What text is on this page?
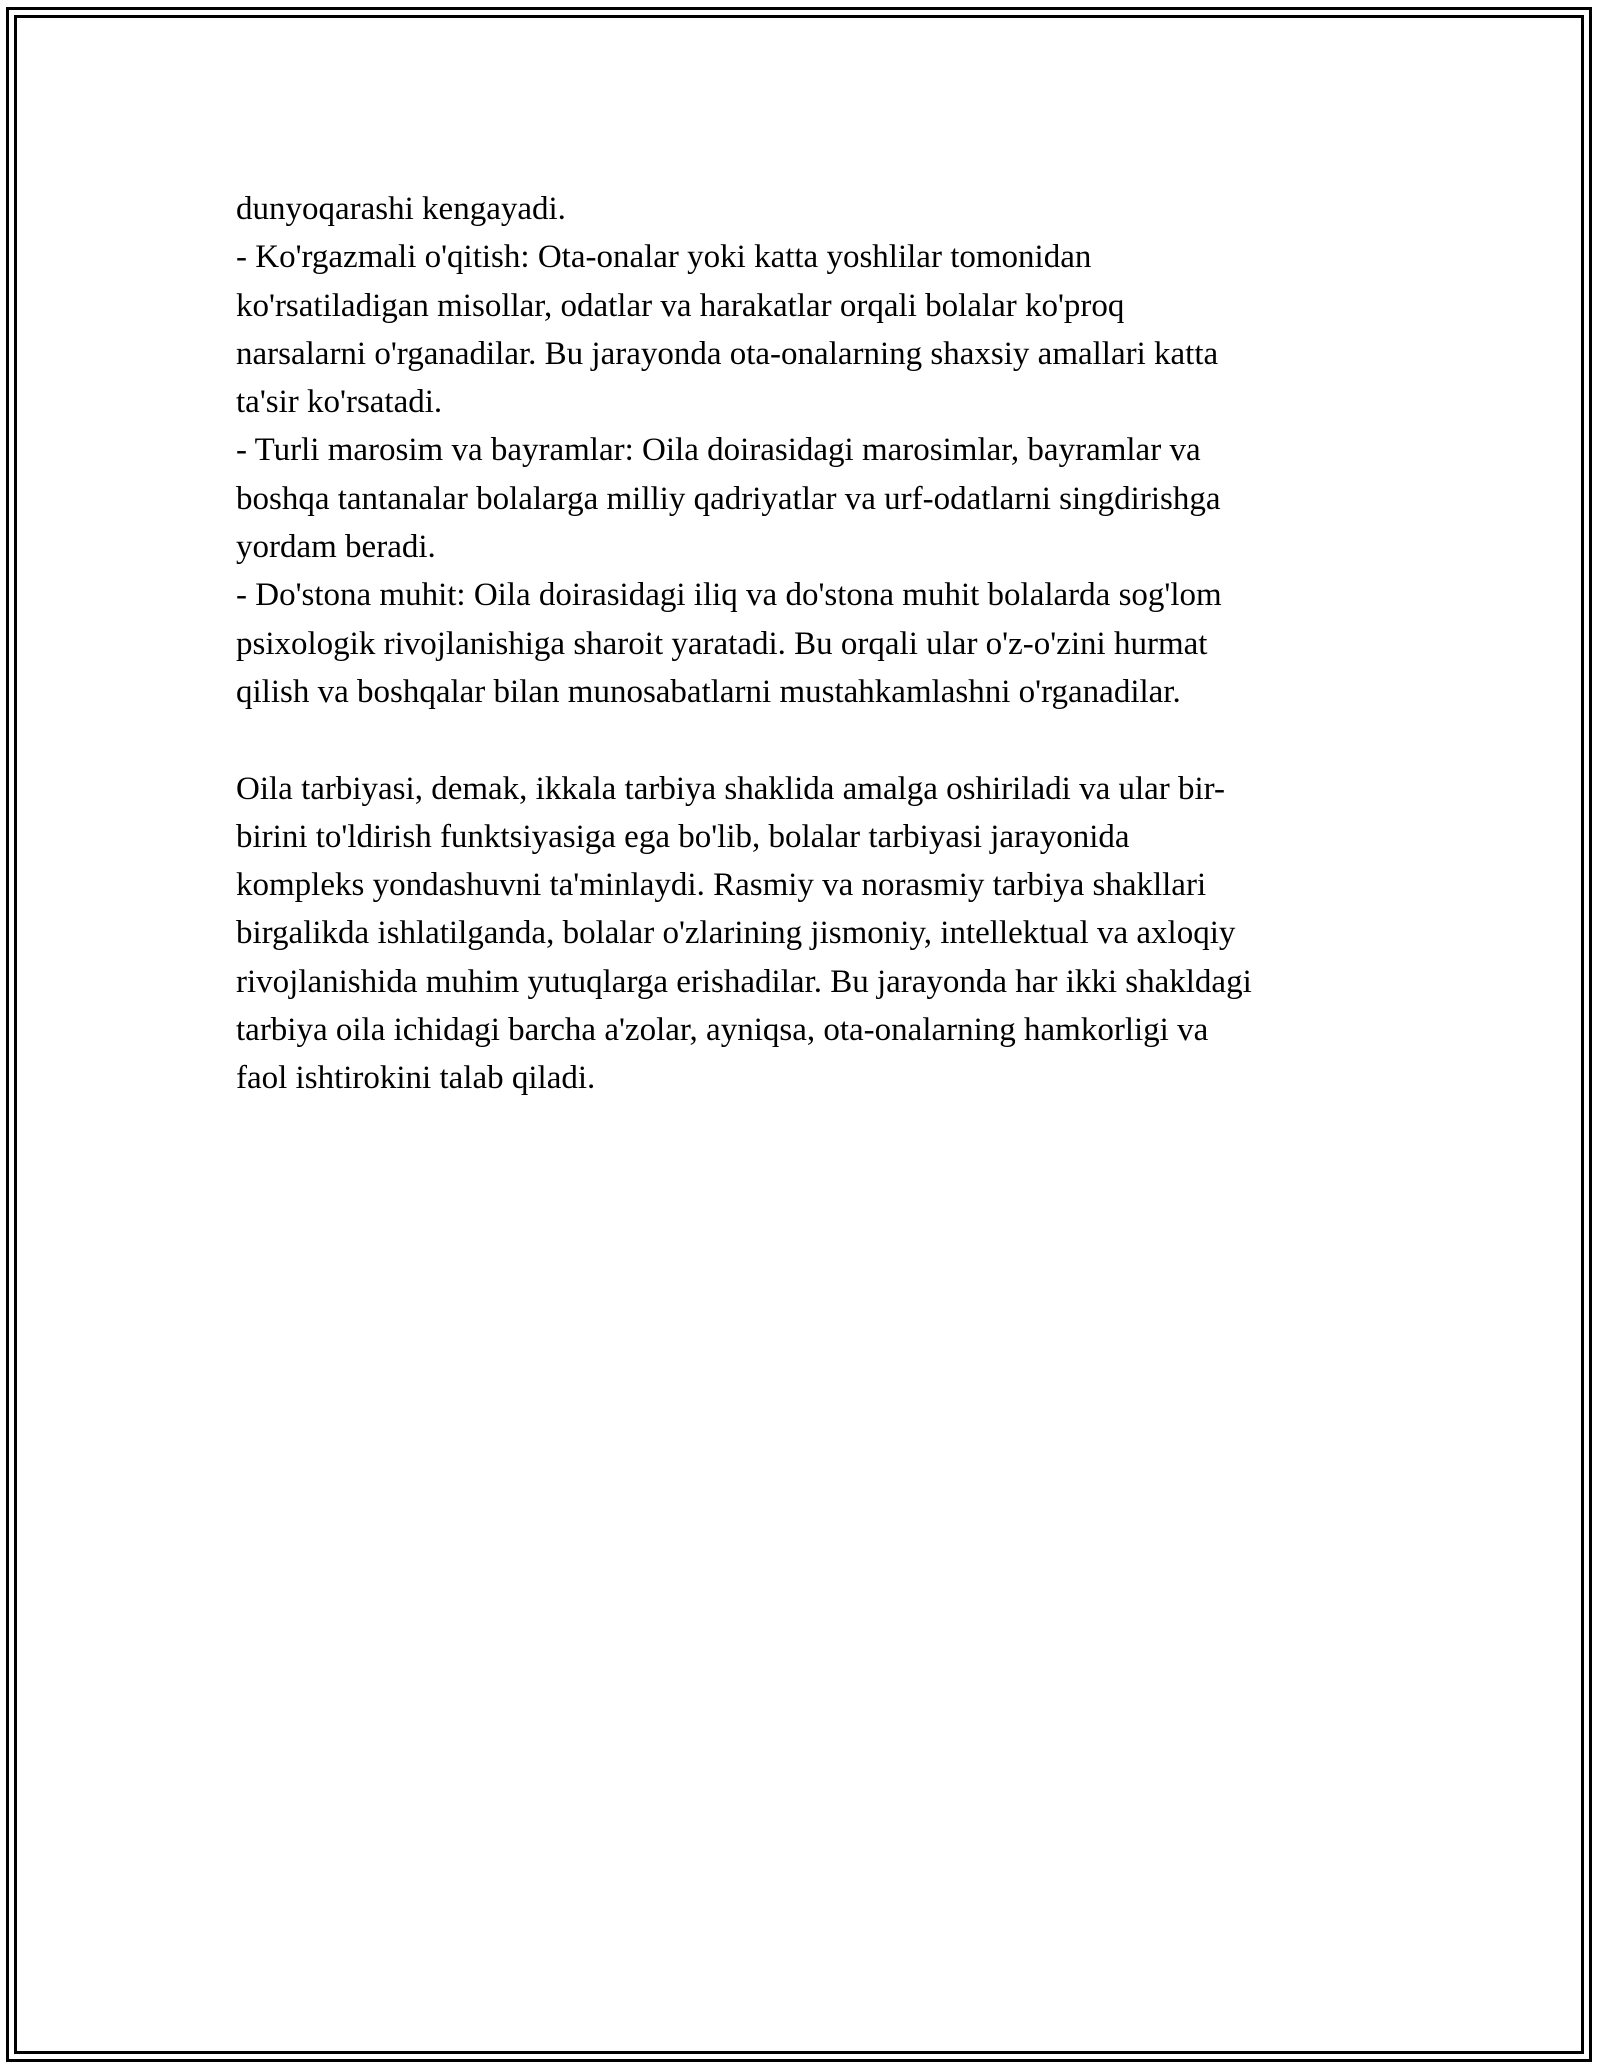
dunyoqarashi kengayadi.
- Ko'rgazmali o'qitish: Ota-onalar yoki katta yoshlilar tomonidan
ko'rsatiladigan misollar, odatlar va harakatlar orqali bolalar ko'proq
narsalarni o'rganadilar. Bu jarayonda ota-onalarning shaxsiy amallari katta
ta'sir ko'rsatadi.
- Turli marosim va bayramlar: Oila doirasidagi marosimlar, bayramlar va
boshqa tantanalar bolalarga milliy qadriyatlar va urf-odatlarni singdirishga
yordam beradi.
- Do'stona muhit: Oila doirasidagi iliq va do'stona muhit bolalarda sog'lom
psixologik rivojlanishiga sharoit yaratadi. Bu orqali ular o'z-o'zini hurmat
qilish va boshqalar bilan munosabatlarni mustahkamlashni o'rganadilar.
Oila tarbiyasi, demak, ikkala tarbiya shaklida amalga oshiriladi va ular bir-
birini to'ldirish funktsiyasiga ega bo'lib, bolalar tarbiyasi jarayonida
kompleks yondashuvni ta'minlaydi. Rasmiy va norasmiy tarbiya shakllari
birgalikda ishlatilganda, bolalar o'zlarining jismoniy, intellektual va axloqiy
rivojlanishida muhim yutuqlarga erishadilar. Bu jarayonda har ikki shakldagi
tarbiya oila ichidagi barcha a'zolar, ayniqsa, ota-onalarning hamkorligi va
faol ishtirokini talab qiladi.
